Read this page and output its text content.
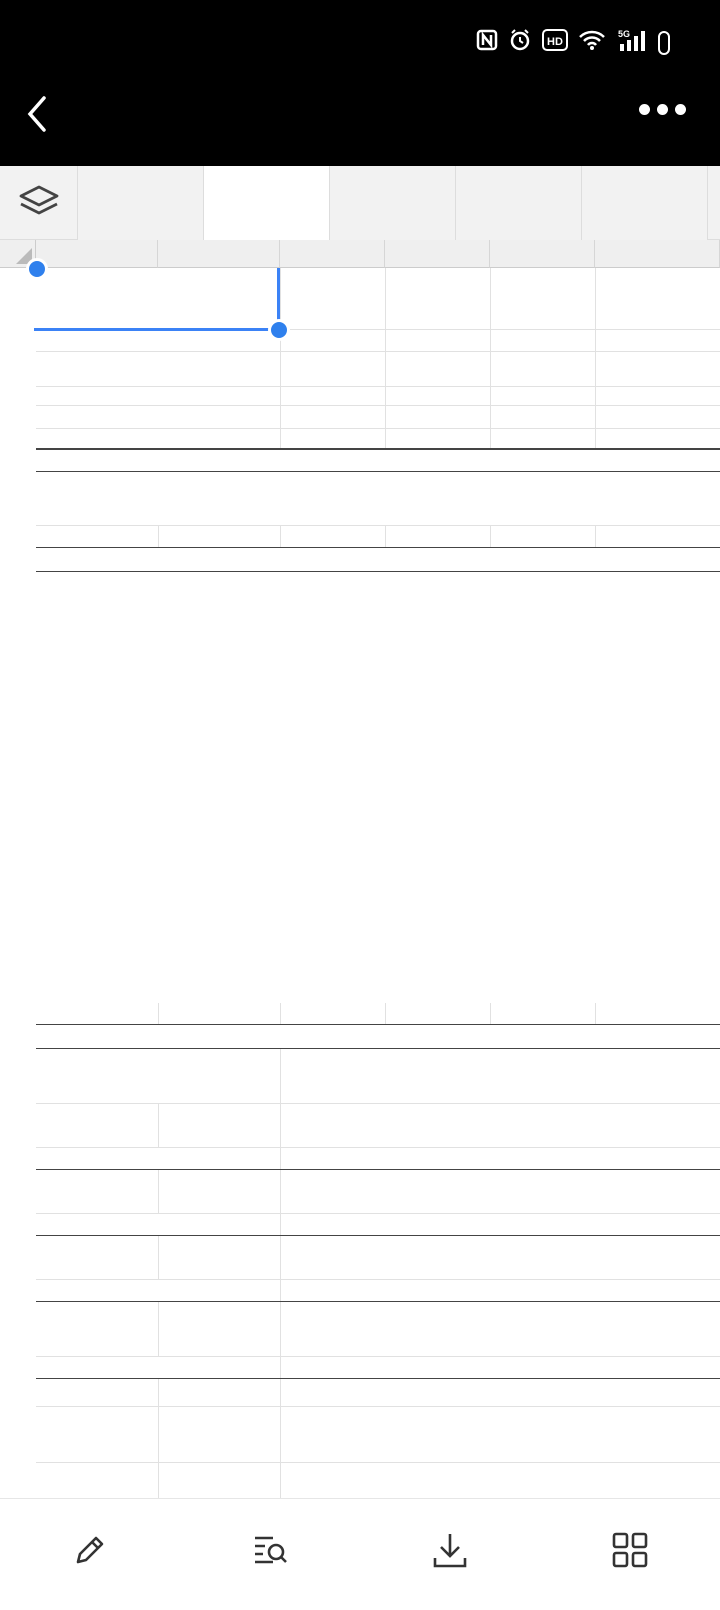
HD
5G
